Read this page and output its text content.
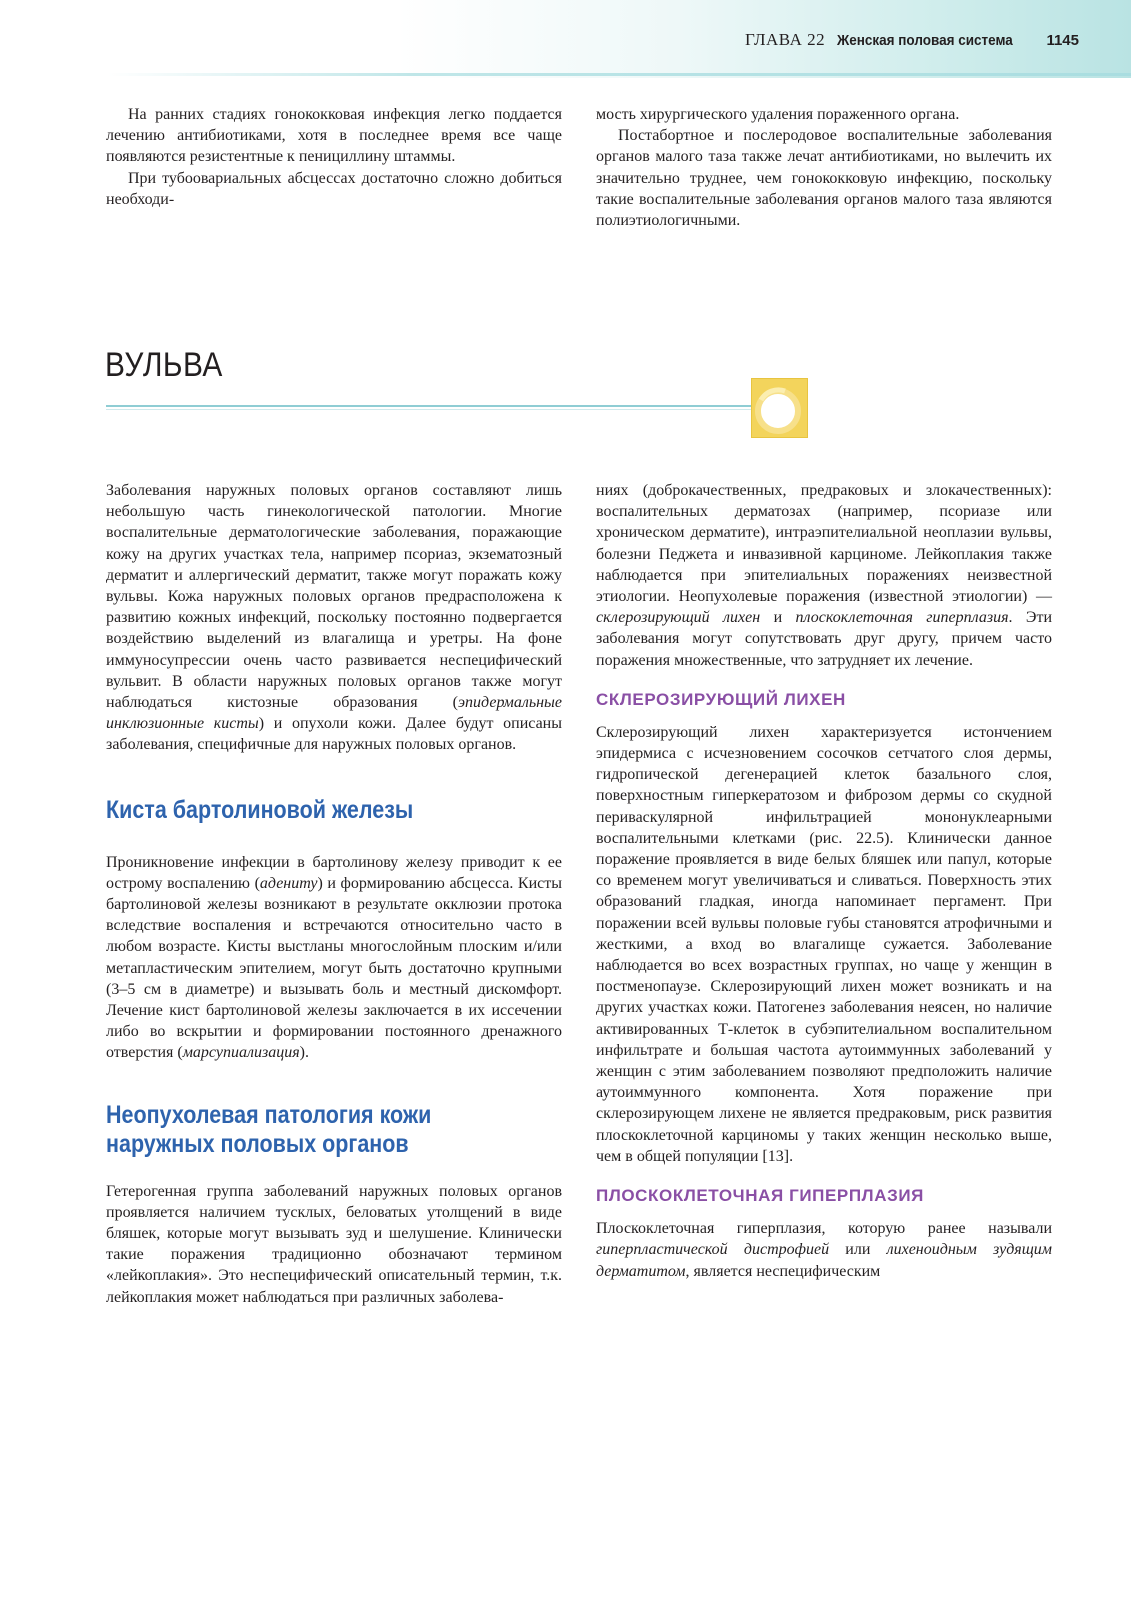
ГЛАВА 22 Женская половая система 1145

На ранних стадиях гонококковая инфекция легко поддается лечению антибиотиками, хотя в последнее время все чаще появляются резистентные к пенициллину штаммы.

При тубоовариальных абсцессах достаточно сложно добиться необходи-

мость хирургического удаления пораженного органа.

Постабортное и послеродовое воспалительные заболевания органов малого таза также лечат антибиотиками, но вылечить их значительно труднее, чем гонококковую инфекцию, поскольку такие воспалительные заболевания органов малого таза являются полиэтиологичными.

ВУЛЬВА

Заболевания наружных половых органов составляют лишь небольшую часть гинекологической патологии. Многие воспалительные дерматологические заболевания, поражающие кожу на других участках тела, например псориаз, экзематозный дерматит и аллергический дерматит, также могут поражать кожу вульвы. Кожа наружных половых органов предрасположена к развитию кожных инфекций, поскольку постоянно подвергается воздействию выделений из влагалища и уретры. На фоне иммуносупрессии очень часто развивается неспецифический вульвит. В области наружных половых органов также могут наблюдаться кистозные образования (эпидермальные инклюзионные кисты) и опухоли кожи. Далее будут описаны заболевания, специфичные для наружных половых органов.

Киста бартолиновой железы

Проникновение инфекции в бартолинову железу приводит к ее острому воспалению (адениту) и формированию абсцесса. Кисты бартолиновой железы возникают в результате окклюзии протока вследствие воспаления и встречаются относительно часто в любом возрасте. Кисты выстланы многослойным плоским и/или метапластическим эпителием, могут быть достаточно крупными (3–5 см в диаметре) и вызывать боль и местный дискомфорт. Лечение кист бартолиновой железы заключается в их иссечении либо во вскрытии и формировании постоянного дренажного отверстия (марсупиализация).

Неопухолевая патология кожи наружных половых органов

Гетерогенная группа заболеваний наружных половых органов проявляется наличием тусклых, беловатых утолщений в виде бляшек, которые могут вызывать зуд и шелушение. Клинически такие поражения традиционно обозначают термином «лейкоплакия». Это неспецифический описательный термин, т.к. лейкоплакия может наблюдаться при различных заболева-

ниях (доброкачественных, предраковых и злокачественных): воспалительных дерматозах (например, псориазе или хроническом дерматите), интраэпителиальной неоплазии вульвы, болезни Педжета и инвазивной карциноме. Лейкоплакия также наблюдается при эпителиальных поражениях неизвестной этиологии. Неопухолевые поражения (известной этиологии) — склерозирующий лихен и плоскоклеточная гиперплазия. Эти заболевания могут сопутствовать друг другу, причем часто поражения множественные, что затрудняет их лечение.

СКЛЕРОЗИРУЮЩИЙ ЛИХЕН

Склерозирующий лихен характеризуется истончением эпидермиса с исчезновением сосочков сетчатого слоя дермы, гидропической дегенерацией клеток базального слоя, поверхностным гиперкератозом и фиброзом дермы со скудной периваскулярной инфильтрацией мононуклеарными воспалительными клетками (рис. 22.5). Клинически данное поражение проявляется в виде белых бляшек или папул, которые со временем могут увеличиваться и сливаться. Поверхность этих образований гладкая, иногда напоминает пергамент. При поражении всей вульвы половые губы становятся атрофичными и жесткими, а вход во влагалище сужается. Заболевание наблюдается во всех возрастных группах, но чаще у женщин в постменопаузе. Склерозирующий лихен может возникать и на других участках кожи. Патогенез заболевания неясен, но наличие активированных Т-клеток в субэпителиальном воспалительном инфильтрате и большая частота аутоиммунных заболеваний у женщин с этим заболеванием позволяют предположить наличие аутоиммунного компонента. Хотя поражение при склерозирующем лихене не является предраковым, риск развития плоскоклеточной карциномы у таких женщин несколько выше, чем в общей популяции [13].

ПЛОСКОКЛЕТОЧНАЯ ГИПЕРПЛАЗИЯ

Плоскоклеточная гиперплазия, которую ранее называли гиперпластической дистрофией или лихеноидным зудящим дерматитом, является неспецифическим
